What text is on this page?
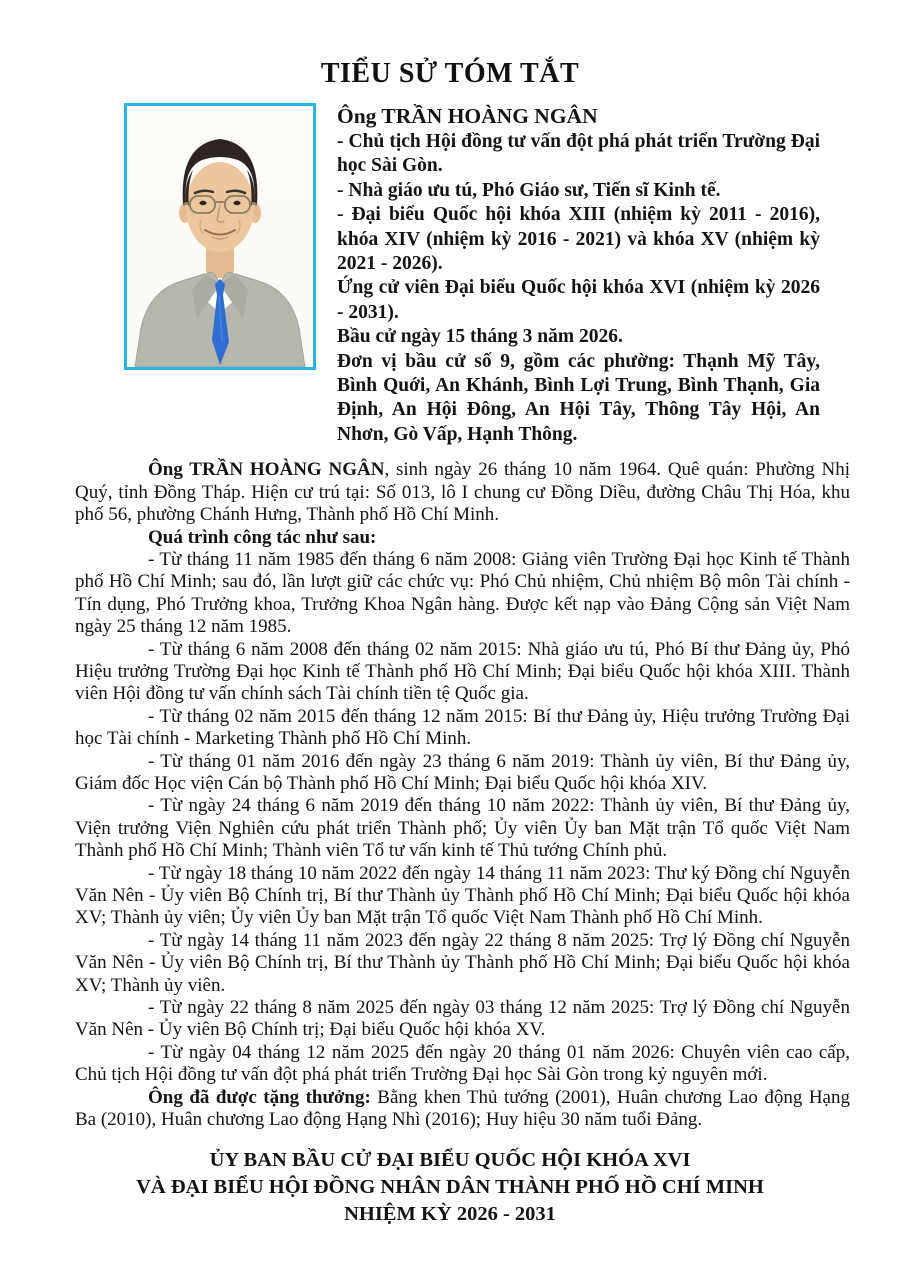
TIỂU SỬ TÓM TẮT

Ông TRẦN HOÀNG NGÂN

- Chủ tịch Hội đồng tư vấn đột phá phát triển Trường Đại học Sài Gòn.

- Nhà giáo ưu tú, Phó Giáo sư, Tiến sĩ Kinh tế.

- Đại biểu Quốc hội khóa XIII (nhiệm kỳ 2011 - 2016), khóa XIV (nhiệm kỳ 2016 - 2021) và khóa XV (nhiệm kỳ 2021 - 2026).

Ứng cử viên Đại biểu Quốc hội khóa XVI (nhiệm kỳ 2026 - 2031).

Bầu cử ngày 15 tháng 3 năm 2026.

Đơn vị bầu cử số 9, gồm các phường: Thạnh Mỹ Tây, Bình Quới, An Khánh, Bình Lợi Trung, Bình Thạnh, Gia Định, An Hội Đông, An Hội Tây, Thông Tây Hội, An Nhơn, Gò Vấp, Hạnh Thông.

Ông TRẦN HOÀNG NGÂN, sinh ngày 26 tháng 10 năm 1964. Quê quán: Phường Nhị Quý, tỉnh Đồng Tháp. Hiện cư trú tại: Số 013, lô I chung cư Đồng Diều, đường Châu Thị Hóa, khu phố 56, phường Chánh Hưng, Thành phố Hồ Chí Minh.

Quá trình công tác như sau:

- Từ tháng 11 năm 1985 đến tháng 6 năm 2008: Giảng viên Trường Đại học Kinh tế Thành phố Hồ Chí Minh; sau đó, lần lượt giữ các chức vụ: Phó Chủ nhiệm, Chủ nhiệm Bộ môn Tài chính - Tín dụng, Phó Trưởng khoa, Trưởng Khoa Ngân hàng. Được kết nạp vào Đảng Cộng sản Việt Nam ngày 25 tháng 12 năm 1985.

- Từ tháng 6 năm 2008 đến tháng 02 năm 2015: Nhà giáo ưu tú, Phó Bí thư Đảng ủy, Phó Hiệu trưởng Trường Đại học Kinh tế Thành phố Hồ Chí Minh; Đại biểu Quốc hội khóa XIII. Thành viên Hội đồng tư vấn chính sách Tài chính tiền tệ Quốc gia.

- Từ tháng 02 năm 2015 đến tháng 12 năm 2015: Bí thư Đảng ủy, Hiệu trưởng Trường Đại học Tài chính - Marketing Thành phố Hồ Chí Minh.

- Từ tháng 01 năm 2016 đến ngày 23 tháng 6 năm 2019: Thành ủy viên, Bí thư Đảng ủy, Giám đốc Học viện Cán bộ Thành phố Hồ Chí Minh; Đại biểu Quốc hội khóa XIV.

- Từ ngày 24 tháng 6 năm 2019 đến tháng 10 năm 2022: Thành ủy viên, Bí thư Đảng ủy, Viện trưởng Viện Nghiên cứu phát triển Thành phố; Ủy viên Ủy ban Mặt trận Tổ quốc Việt Nam Thành phố Hồ Chí Minh; Thành viên Tổ tư vấn kinh tế Thủ tướng Chính phủ.

- Từ ngày 18 tháng 10 năm 2022 đến ngày 14 tháng 11 năm 2023: Thư ký Đồng chí Nguyễn Văn Nên - Ủy viên Bộ Chính trị, Bí thư Thành ủy Thành phố Hồ Chí Minh; Đại biểu Quốc hội khóa XV; Thành ủy viên; Ủy viên Ủy ban Mặt trận Tổ quốc Việt Nam Thành phố Hồ Chí Minh.

- Từ ngày 14 tháng 11 năm 2023 đến ngày 22 tháng 8 năm 2025: Trợ lý Đồng chí Nguyễn Văn Nên - Ủy viên Bộ Chính trị, Bí thư Thành ủy Thành phố Hồ Chí Minh; Đại biểu Quốc hội khóa XV; Thành ủy viên.

- Từ ngày 22 tháng 8 năm 2025 đến ngày 03 tháng 12 năm 2025: Trợ lý Đồng chí Nguyễn Văn Nên - Ủy viên Bộ Chính trị; Đại biểu Quốc hội khóa XV.

- Từ ngày 04 tháng 12 năm 2025 đến ngày 20 tháng 01 năm 2026: Chuyên viên cao cấp, Chủ tịch Hội đồng tư vấn đột phá phát triển Trường Đại học Sài Gòn trong kỷ nguyên mới.

Ông đã được tặng thưởng: Bằng khen Thủ tướng (2001), Huân chương Lao động Hạng Ba (2010), Huân chương Lao động Hạng Nhì (2016); Huy hiệu 30 năm tuổi Đảng.

ỦY BAN BẦU CỬ ĐẠI BIỂU QUỐC HỘI KHÓA XVI

VÀ ĐẠI BIỂU HỘI ĐỒNG NHÂN DÂN THÀNH PHỐ HỒ CHÍ MINH

NHIỆM KỲ 2026 - 2031
